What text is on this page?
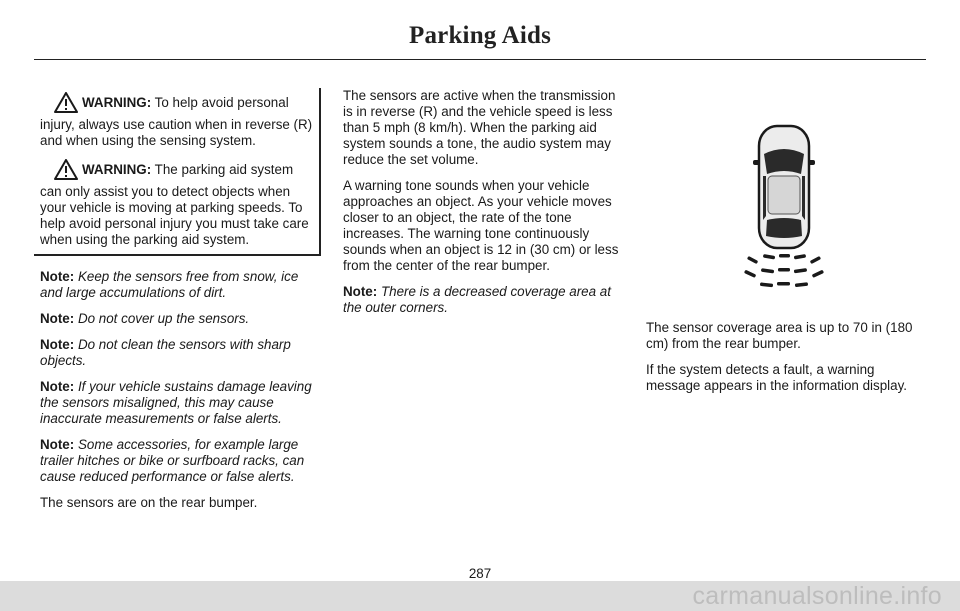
Parking Aids
WARNING: To help avoid personal injury, always use caution when in reverse (R) and when using the sensing system.
WARNING: The parking aid system can only assist you to detect objects when your vehicle is moving at parking speeds. To help avoid personal injury you must take care when using the parking aid system.

Note: Keep the sensors free from snow, ice and large accumulations of dirt.

Note: Do not cover up the sensors.

Note: Do not clean the sensors with sharp objects.

Note: If your vehicle sustains damage leaving the sensors misaligned, this may cause inaccurate measurements or false alerts.

Note: Some accessories, for example large trailer hitches or bike or surfboard racks, can cause reduced performance or false alerts.

The sensors are on the rear bumper.

The sensors are active when the transmission is in reverse (R) and the vehicle speed is less than 5 mph (8 km/h). When the parking aid system sounds a tone, the audio system may reduce the set volume.

A warning tone sounds when your vehicle approaches an object. As your vehicle moves closer to an object, the rate of the tone increases. The warning tone continuously sounds when an object is 12 in (30 cm) or less from the center of the rear bumper.

Note: There is a decreased coverage area at the outer corners.

The sensor coverage area is up to 70 in (180 cm) from the rear bumper.

If the system detects a fault, a warning message appears in the information display.

287
carmanualsonline.info
